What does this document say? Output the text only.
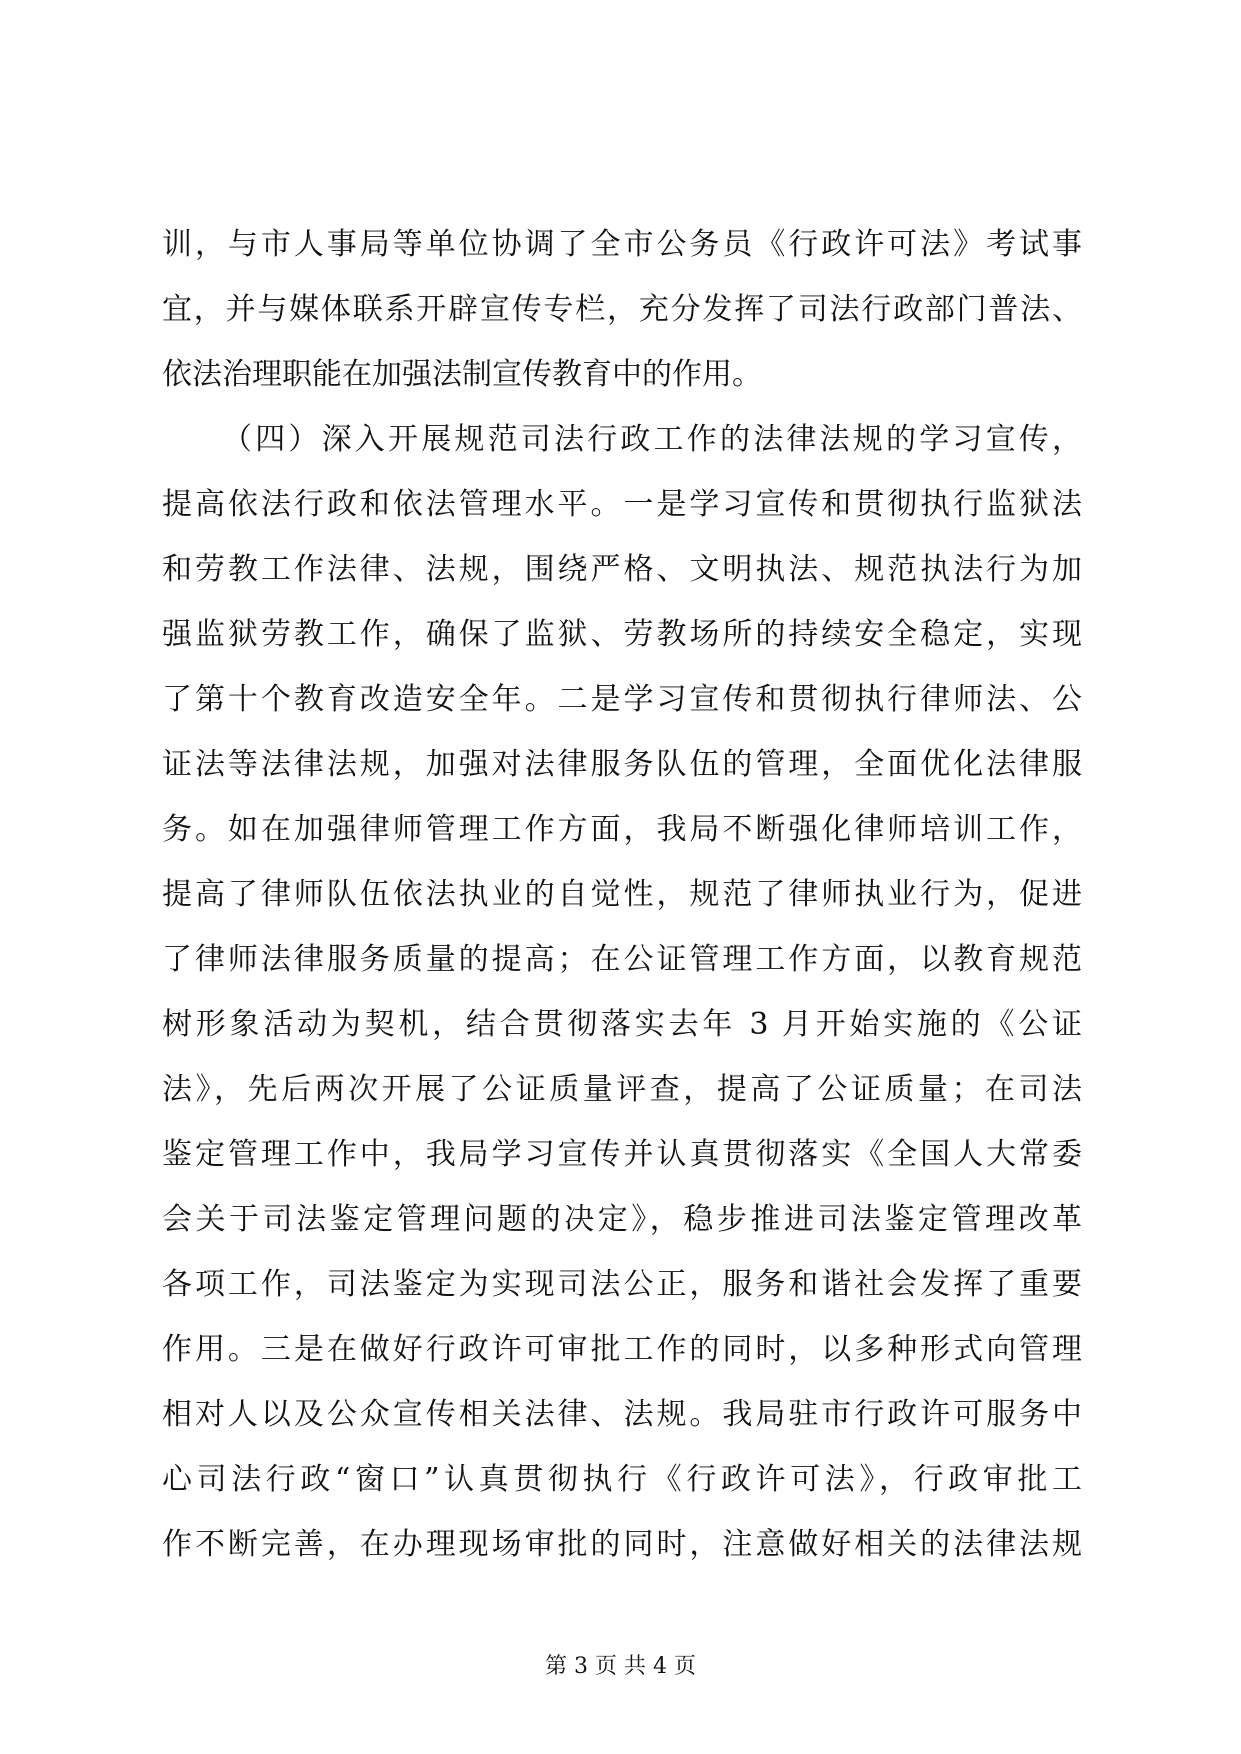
训，与市人事局等单位协调了全市公务员《行政许可法》考试事
宜，并与媒体联系开辟宣传专栏，充分发挥了司法行政部门普法、
依法治理职能在加强法制宣传教育中的作用。
（四）深入开展规范司法行政工作的法律法规的学习宣传，
提高依法行政和依法管理水平。一是学习宣传和贯彻执行监狱法
和劳教工作法律、法规，围绕严格、文明执法、规范执法行为加
强监狱劳教工作，确保了监狱、劳教场所的持续安全稳定，实现
了第十个教育改造安全年。二是学习宣传和贯彻执行律师法、公
证法等法律法规，加强对法律服务队伍的管理，全面优化法律服
务。如在加强律师管理工作方面，我局不断强化律师培训工作，
提高了律师队伍依法执业的自觉性，规范了律师执业行为，促进
了律师法律服务质量的提高；在公证管理工作方面，以教育规范
树形象活动为契机，结合贯彻落实去年 3 月开始实施的《公证
法》，先后两次开展了公证质量评查，提高了公证质量；在司法
鉴定管理工作中，我局学习宣传并认真贯彻落实《全国人大常委
会关于司法鉴定管理问题的决定》，稳步推进司法鉴定管理改革
各项工作，司法鉴定为实现司法公正，服务和谐社会发挥了重要
作用。三是在做好行政许可审批工作的同时，以多种形式向管理
相对人以及公众宣传相关法律、法规。我局驻市行政许可服务中
心司法行政“窗口”认真贯彻执行《行政许可法》，行政审批工
作不断完善，在办理现场审批的同时，注意做好相关的法律法规
第 3 页 共 4 页
